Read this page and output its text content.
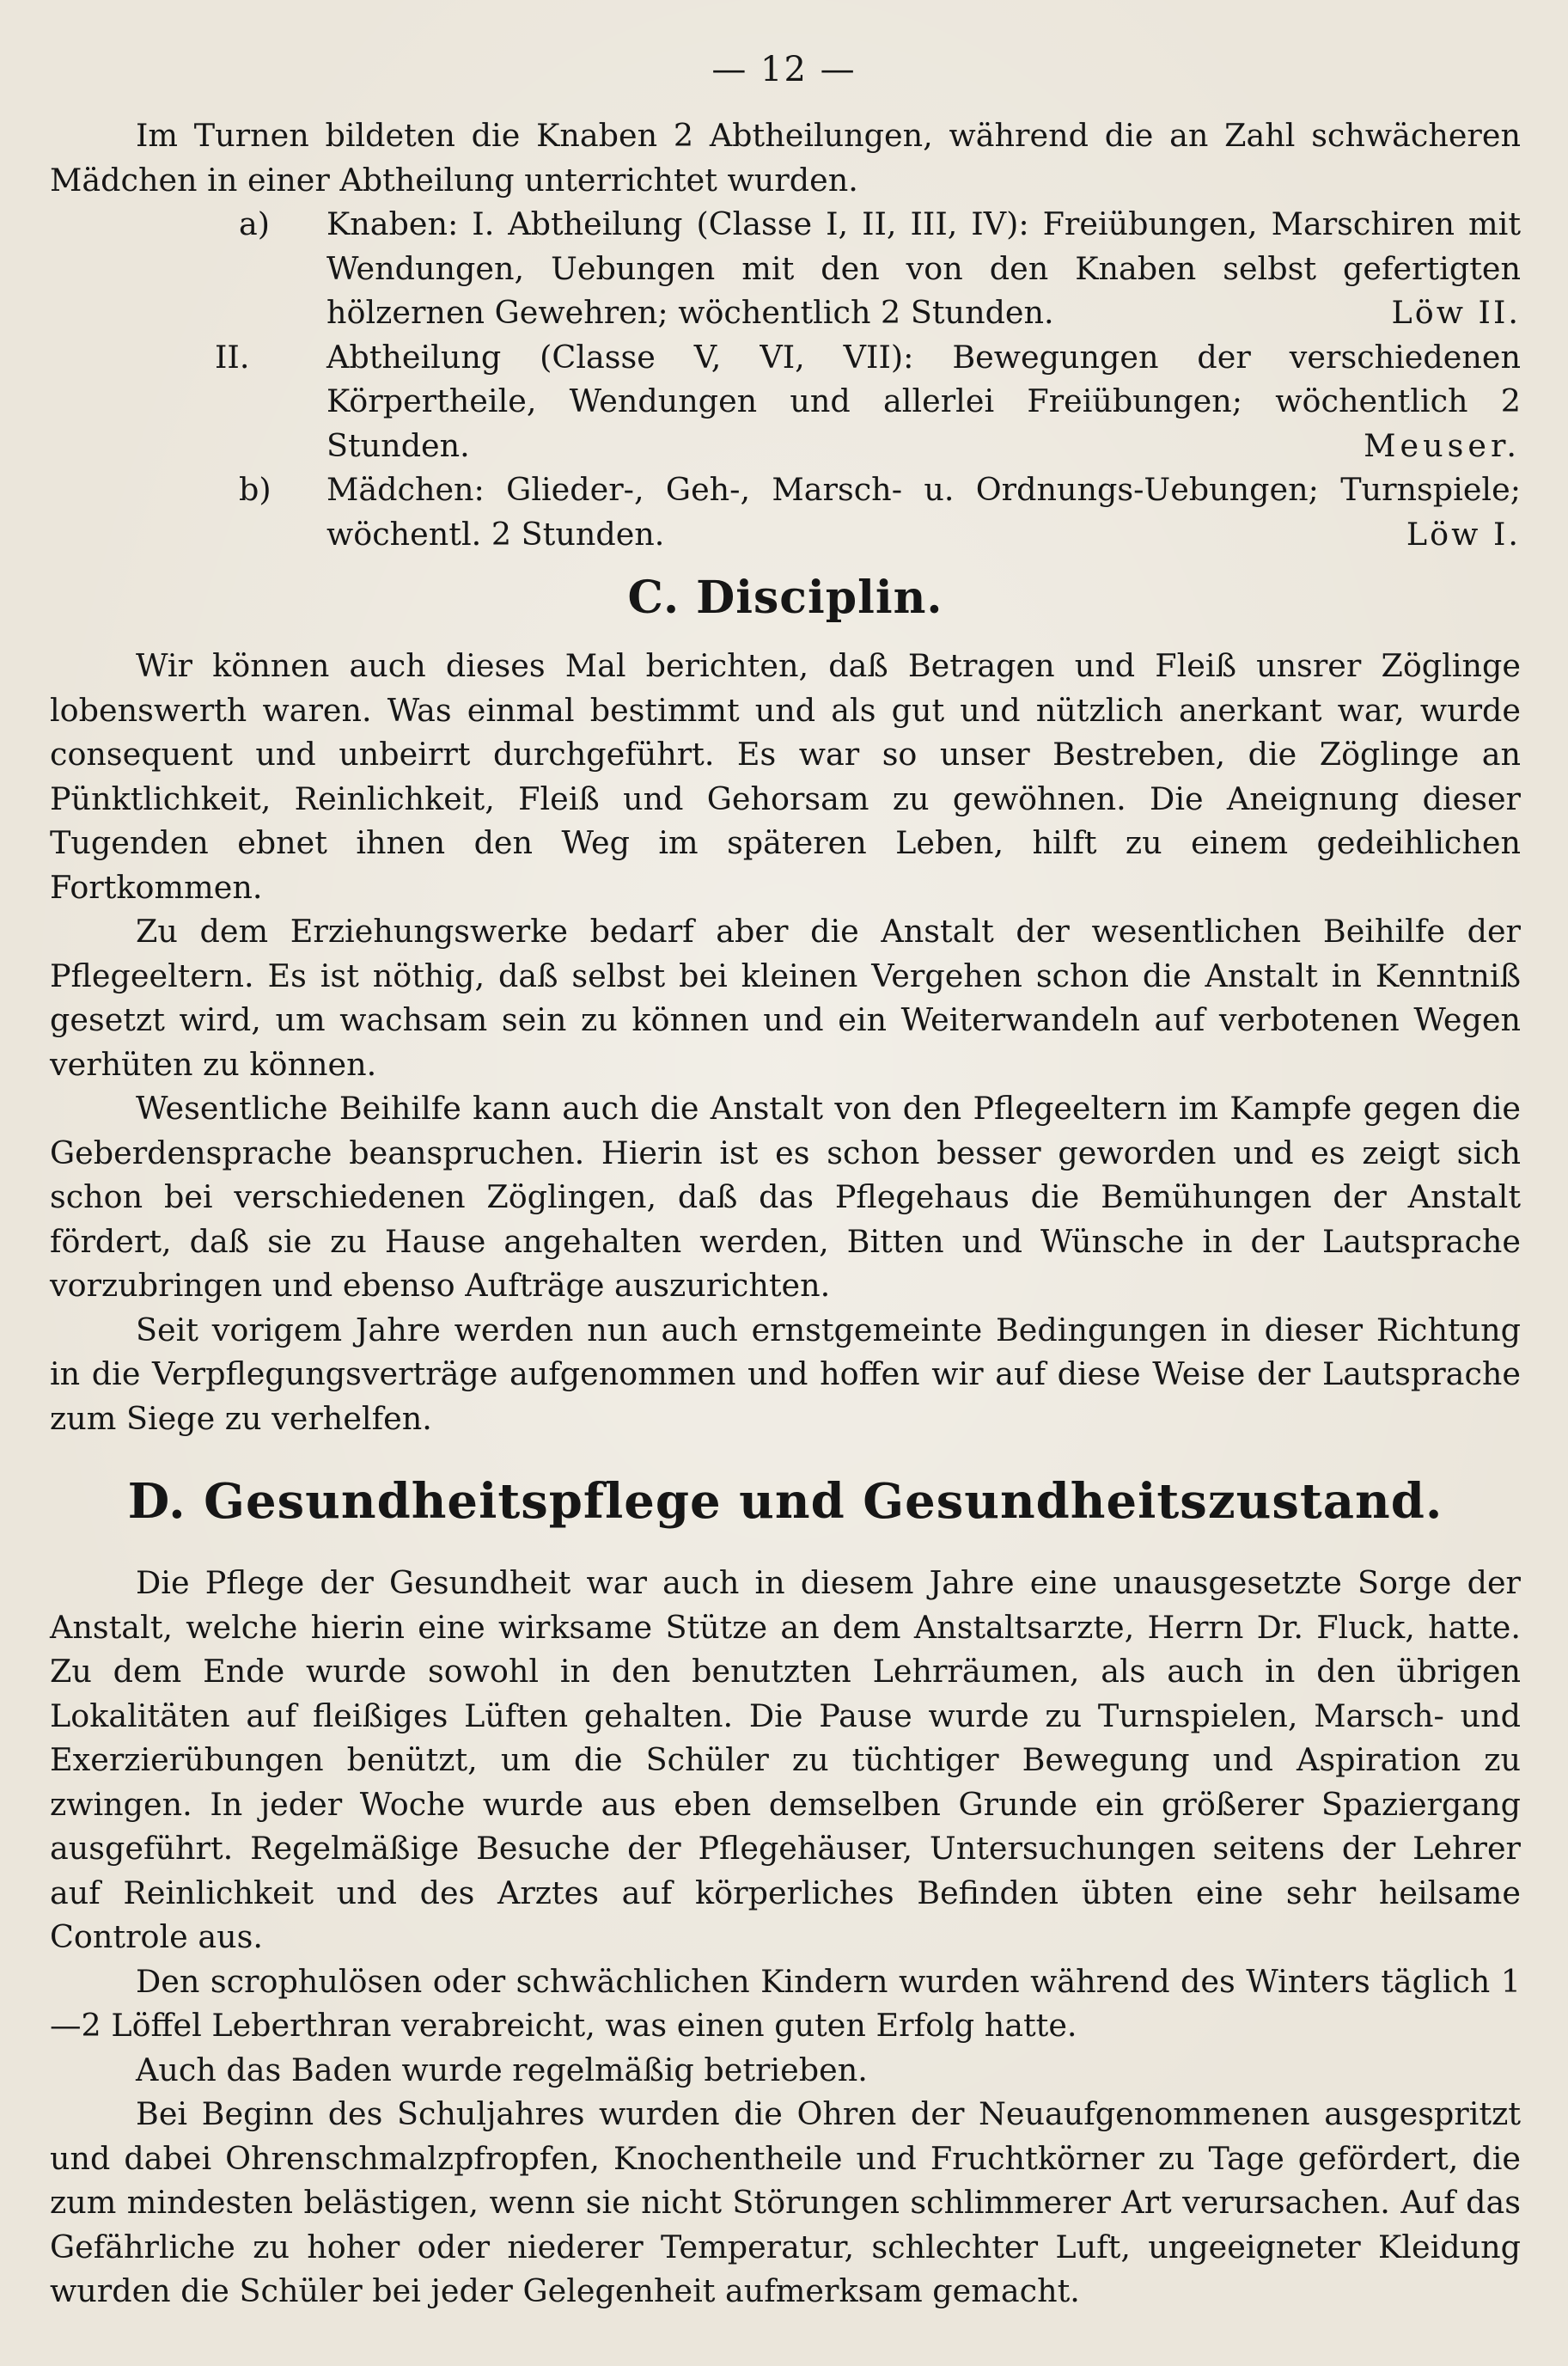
— 12 —

Im Turnen bildeten die Knaben 2 Abtheilungen, während die an Zahl schwächeren Mädchen in einer Abtheilung unterrichtet wurden.

a) Knaben: I. Abtheilung (Classe I, II, III, IV): Freiübungen, Marschiren mit Wendungen, Uebungen mit den von den Knaben selbst gefertigten hölzernen Gewehren; wöchentlich 2 Stunden.	Löw II.

II. Abtheilung (Classe V, VI, VII): Bewegungen der verschiedenen Körpertheile, Wendungen und allerlei Freiübungen; wöchentlich 2 Stunden.	Meuser.

b) Mädchen: Glieder-, Geh-, Marsch- u. Ordnungs-Uebungen; Turnspiele; wöchentl. 2 Stunden.	Löw I.

C. Disciplin.

Wir können auch dieses Mal berichten, daß Betragen und Fleiß unsrer Zöglinge lobenswerth waren. Was einmal bestimmt und als gut und nützlich anerkant war, wurde consequent und unbeirrt durchgeführt. Es war so unser Bestreben, die Zöglinge an Pünktlichkeit, Reinlichkeit, Fleiß und Gehorsam zu gewöhnen. Die Aneignung dieser Tugenden ebnet ihnen den Weg im späteren Leben, hilft zu einem gedeihlichen Fortkommen.

Zu dem Erziehungswerke bedarf aber die Anstalt der wesentlichen Beihilfe der Pflegeeltern. Es ist nöthig, daß selbst bei kleinen Vergehen schon die Anstalt in Kenntniß gesetzt wird, um wachsam sein zu können und ein Weiterwandeln auf verbotenen Wegen verhüten zu können.

Wesentliche Beihilfe kann auch die Anstalt von den Pflegeeltern im Kampfe gegen die Geberdensprache beanspruchen. Hierin ist es schon besser geworden und es zeigt sich schon bei verschiedenen Zöglingen, daß das Pflegehaus die Bemühungen der Anstalt fördert, daß sie zu Hause angehalten werden, Bitten und Wünsche in der Lautsprache vorzubringen und ebenso Aufträge auszurichten.

Seit vorigem Jahre werden nun auch ernstgemeinte Bedingungen in dieser Richtung in die Verpflegungsverträge aufgenommen und hoffen wir auf diese Weise der Lautsprache zum Siege zu verhelfen.

D. Gesundheitspflege und Gesundheitszustand.

Die Pflege der Gesundheit war auch in diesem Jahre eine unausgesetzte Sorge der Anstalt, welche hierin eine wirksame Stütze an dem Anstaltsarzte, Herrn Dr. Fluck, hatte. Zu dem Ende wurde sowohl in den benutzten Lehrräumen, als auch in den übrigen Lokalitäten auf fleißiges Lüften gehalten. Die Pause wurde zu Turnspielen, Marsch- und Exerzierübungen benützt, um die Schüler zu tüchtiger Bewegung und Aspiration zu zwingen. In jeder Woche wurde aus eben demselben Grunde ein größerer Spaziergang ausgeführt. Regelmäßige Besuche der Pflegehäuser, Untersuchungen seitens der Lehrer auf Reinlichkeit und des Arztes auf körperliches Befinden übten eine sehr heilsame Controle aus.

Den scrophulösen oder schwächlichen Kindern wurden während des Winters täglich 1—2 Löffel Leberthran verabreicht, was einen guten Erfolg hatte.

Auch das Baden wurde regelmäßig betrieben.

Bei Beginn des Schuljahres wurden die Ohren der Neuaufgenommenen ausgespritzt und dabei Ohrenschmalzpfropfen, Knochentheile und Fruchtkörner zu Tage gefördert, die zum mindesten belästigen, wenn sie nicht Störungen schlimmerer Art verursachen. Auf das Gefährliche zu hoher oder niederer Temperatur, schlechter Luft, ungeeigneter Kleidung wurden die Schüler bei jeder Gelegenheit aufmerksam gemacht.
